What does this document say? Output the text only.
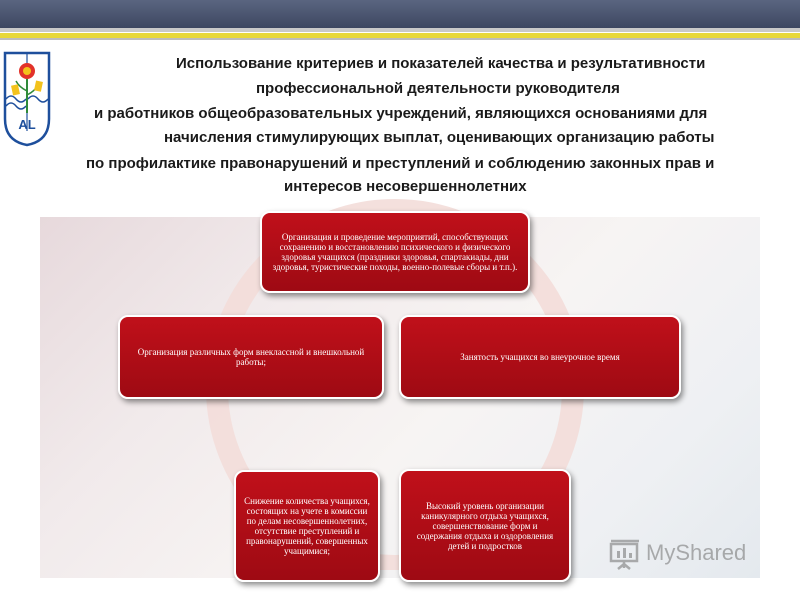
AL
Использование критериев и показателей качества и результативности
профессиональной деятельности руководителя
и работников общеобразовательных учреждений, являющихся основаниями для
начисления стимулирующих выплат, оценивающих организацию работы
по профилактике правонарушений и преступлений и соблюдению законных прав и
интересов несовершеннолетних
Организация и проведение мероприятий, способствующих сохранению и восстановлению психического и физического здоровья учащихся (праздники здоровья, спартакиады, дни здоровья, туристические походы, военно-полевые сборы и т.п.).
Организация различных форм внеклассной и внешкольной работы;	Занятость учащихся во внеурочное время
Снижение количества учащихся, состоящих на учете в комиссии по делам несовершеннолетних, отсутствие преступлений и правонарушений, совершенных учащимися;
Высокий уровень организации каникулярного отдыха учащихся, совершенствование форм и содержания отдыха и оздоровления детей и подростков	MyShared
